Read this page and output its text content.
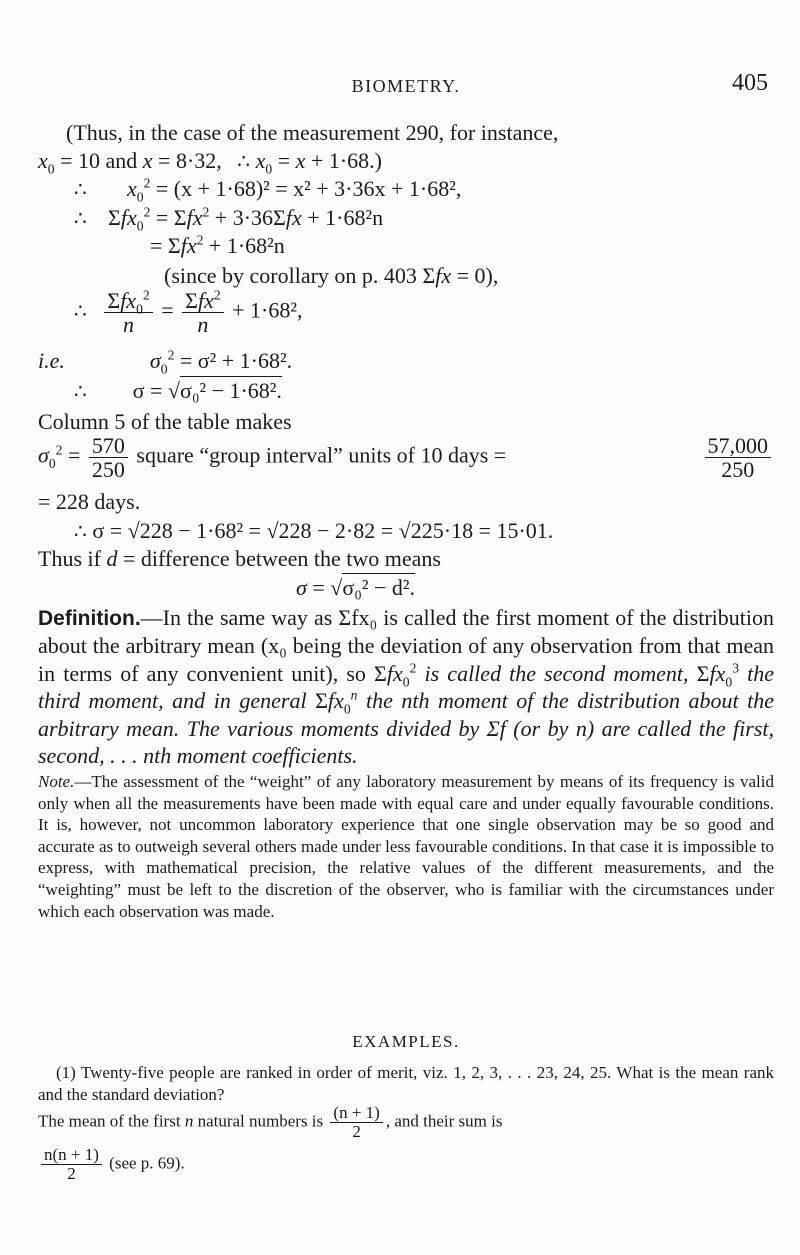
BIOMETRY.	405
(Thus, in the case of the measurement 290, for instance,
$x_0 = 10$ and x = 8·32, ∴ $x_0 = x + 1\cdot 68$.)
∴ $x_0^2 = (x + 1\cdot 68)^2 = x^2 + 3\cdot 36x + 1\cdot 68^2$,
∴ Σfx$_0^2$ = Σfx$^2$ + 3·36Σfx + 1·68²n
= Σfx$^2$ + 1·68²n
(since by corollary on p. 403 Σfx = 0),
∴ $\frac{\Sigma fx_0^2}{n} = \frac{\Sigma fx^2}{n} + 1\cdot 68^2$,
i.e.	$\sigma_0^2 = \sigma^2 + 1\cdot 68^2$.
∴ σ = √σ₀² − 1·68².
Column 5 of the table makes
$\sigma_0^2 = \frac{570}{250}$ square “group interval” units of 10 days =	$\frac{57,000}{250}$
= 228 days.
∴ σ = √228 − 1·68² = √228 − 2·82 = √225·18 = 15·01.
Thus if d = difference between the two means
σ = √σ₀² − d².
Definition.—In the same way as Σfx₀ is called the first moment of the distribution about the arbitrary mean (x₀ being the deviation of any observation from that mean in terms of any convenient unit), so Σfx$_0^2$ is called the second moment, Σfx$_0^3$ the third moment, and in general Σfx$_0^n$ the nth moment of the distribution about the arbitrary mean. The various moments divided by Σf (or by n) are called the first, second, . . . nth moment coefficients.
Note.—The assessment of the “weight” of any laboratory measurement by means of its frequency is valid only when all the measurements have been made with equal care and under equally favourable conditions. It is, however, not uncommon laboratory experience that one single observation may be so good and accurate as to outweigh several others made under less favourable conditions. In that case it is impossible to express, with mathematical precision, the relative values of the different measurements, and the “weighting” must be left to the discretion of the observer, who is familiar with the circumstances under which each observation was made.
EXAMPLES.
(1) Twenty-five people are ranked in order of merit, viz. 1, 2, 3, . . . 23, 24, 25. What is the mean rank and the standard deviation?
The mean of the first n natural numbers is $\frac{(n + 1)}{2}$ , and their sum is
$\frac{n(n + 1)}{2} (see$ p. 69).
